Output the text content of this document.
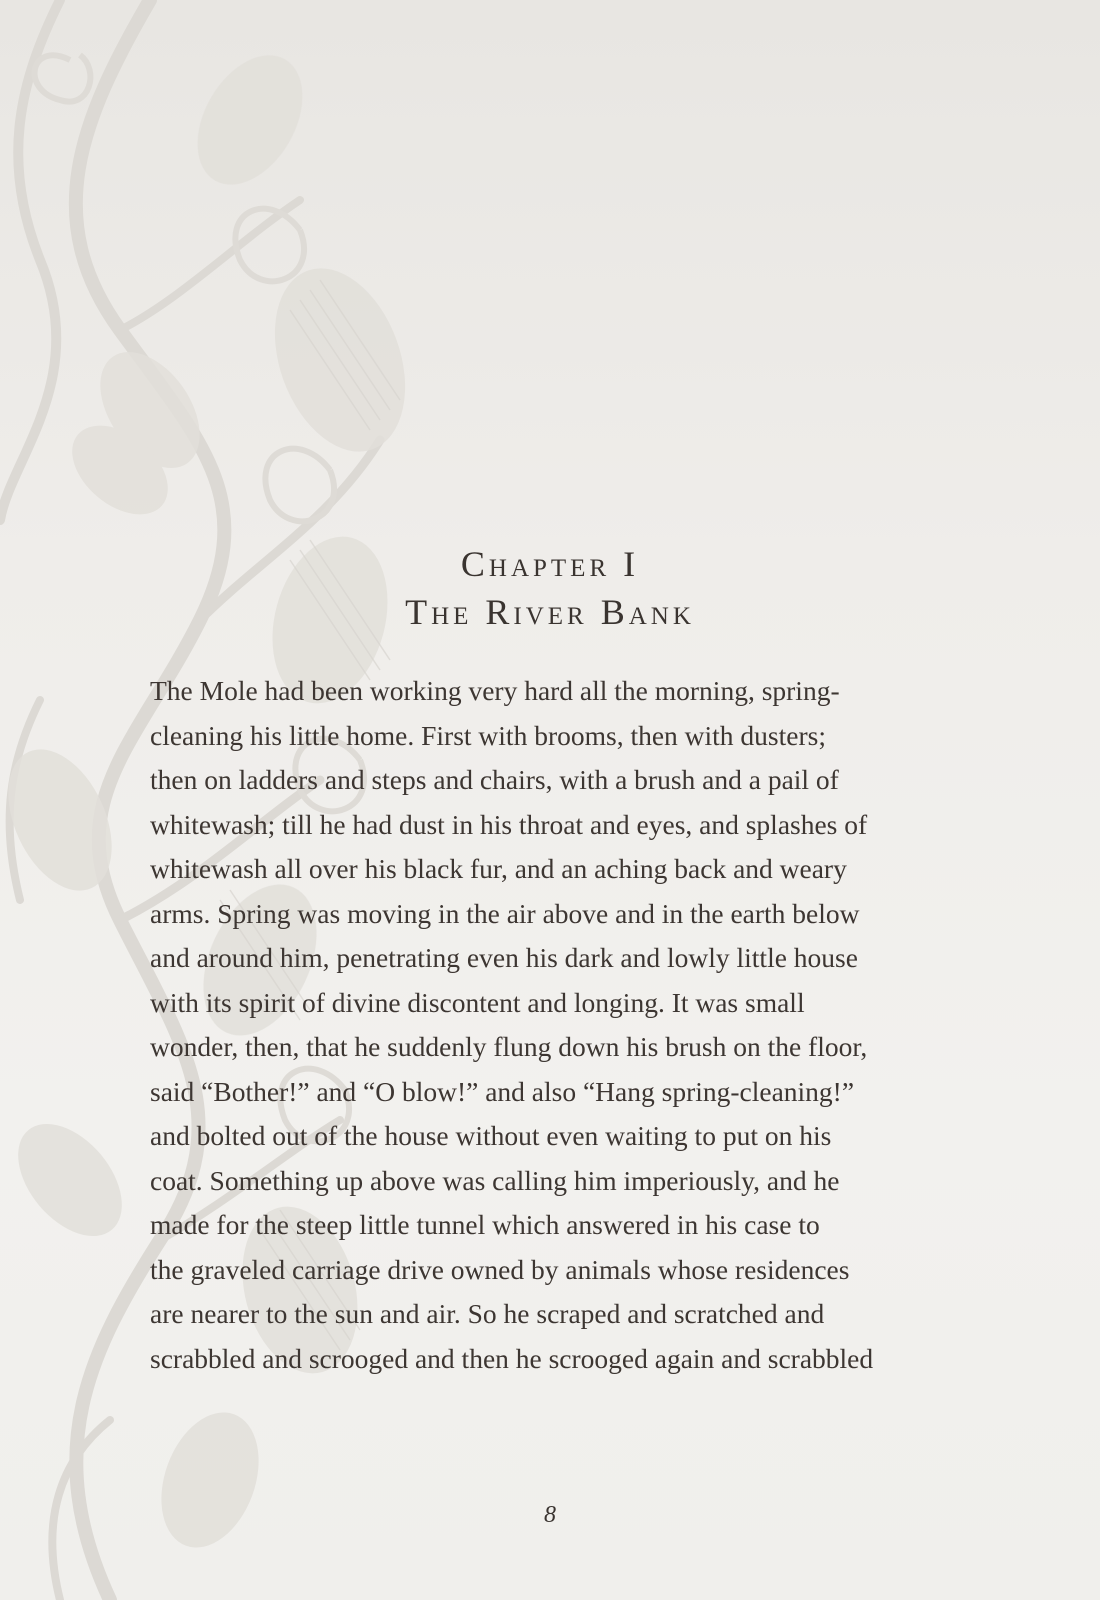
Chapter I
The River Bank
The Mole had been working very hard all the morning, spring-
cleaning his little home. First with brooms, then with dusters;
then on ladders and steps and chairs, with a brush and a pail of
whitewash; till he had dust in his throat and eyes, and splashes of
whitewash all over his black fur, and an aching back and weary
arms. Spring was moving in the air above and in the earth below
and around him, penetrating even his dark and lowly little house
with its spirit of divine discontent and longing. It was small
wonder, then, that he suddenly flung down his brush on the floor,
said “Bother!” and “O blow!” and also “Hang spring-cleaning!”
and bolted out of the house without even waiting to put on his
coat. Something up above was calling him imperiously, and he
made for the steep little tunnel which answered in his case to
the graveled carriage drive owned by animals whose residences
are nearer to the sun and air. So he scraped and scratched and
scrabbled and scrooged and then he scrooged again and scrabbled
8
